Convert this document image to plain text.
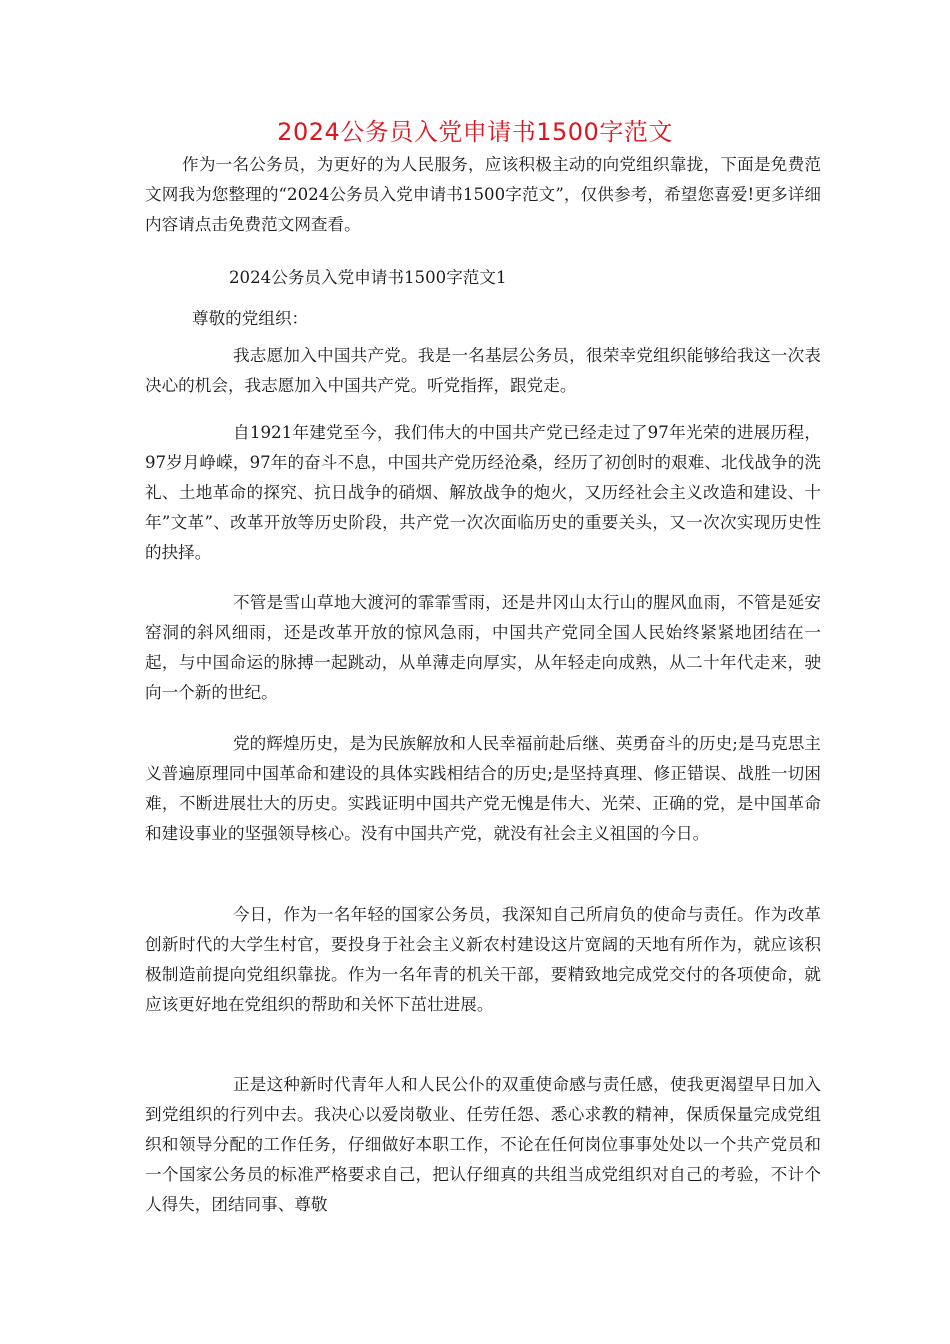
2024公务员入党申请书1500字范文

作为一名公务员，为更好的为人民服务，应该积极主动的向党组织靠拢，下面是免费范文网我为您整理的“2024公务员入党申请书1500字范文”，仅供参考，希望您喜爱!更多详细内容请点击免费范文网查看。

2024公务员入党申请书1500字范文1

尊敬的党组织：

我志愿加入中国共产党。我是一名基层公务员，很荣幸党组织能够给我这一次表决心的机会，我志愿加入中国共产党。听党指挥，跟党走。

自1921年建党至今，我们伟大的中国共产党已经走过了97年光荣的进展历程，97岁月峥嵘，97年的奋斗不息，中国共产党历经沧桑，经历了初创时的艰难、北伐战争的洗礼、土地革命的探究、抗日战争的硝烟、解放战争的炮火，又历经社会主义改造和建设、十年”文革”、改革开放等历史阶段，共产党一次次面临历史的重要关头，又一次次实现历史性的抉择。

不管是雪山草地大渡河的霏霏雪雨，还是井冈山太行山的腥风血雨，不管是延安窑洞的斜风细雨，还是改革开放的惊风急雨，中国共产党同全国人民始终紧紧地团结在一起，与中国命运的脉搏一起跳动，从单薄走向厚实，从年轻走向成熟，从二十年代走来，驶向一个新的世纪。

党的辉煌历史，是为民族解放和人民幸福前赴后继、英勇奋斗的历史;是马克思主义普遍原理同中国革命和建设的具体实践相结合的历史;是坚持真理、修正错误、战胜一切困难，不断进展壮大的历史。实践证明中国共产党无愧是伟大、光荣、正确的党，是中国革命和建设事业的坚强领导核心。没有中国共产党，就没有社会主义祖国的今日。

今日，作为一名年轻的国家公务员，我深知自己所肩负的使命与责任。作为改革创新时代的大学生村官，要投身于社会主义新农村建设这片宽阔的天地有所作为，就应该积极制造前提向党组织靠拢。作为一名年青的机关干部，要精致地完成党交付的各项使命，就应该更好地在党组织的帮助和关怀下茁壮进展。

正是这种新时代青年人和人民公仆的双重使命感与责任感，使我更渴望早日加入到党组织的行列中去。我决心以爱岗敬业、任劳任怨、悉心求教的精神，保质保量完成党组织和领导分配的工作任务，仔细做好本职工作，不论在任何岗位事事处处以一个共产党员和一个国家公务员的标准严格要求自己，把认仔细真的共组当成党组织对自己的考验，不计个人得失，团结同事、尊敬
